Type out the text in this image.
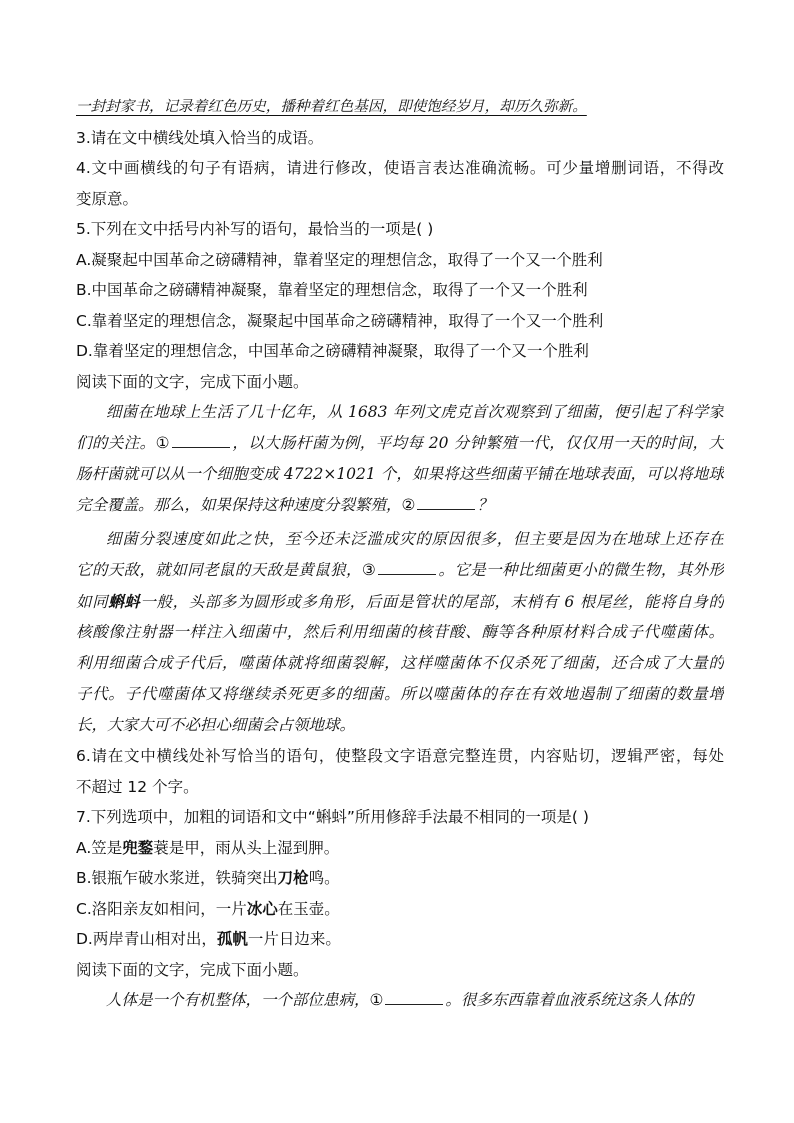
一封封家书，记录着红色历史，播种着红色基因，即使饱经岁月，却历久弥新。
3.请在文中横线处填入恰当的成语。
4.文中画横线的句子有语病，请进行修改，使语言表达准确流畅。可少量增删词语，不得改
变原意。
5.下列在文中括号内补写的语句，最恰当的一项是( )
A.凝聚起中国革命之磅礴精神，靠着坚定的理想信念，取得了一个又一个胜利
B.中国革命之磅礴精神凝聚，靠着坚定的理想信念，取得了一个又一个胜利
C.靠着坚定的理想信念，凝聚起中国革命之磅礴精神，取得了一个又一个胜利
D.靠着坚定的理想信念，中国革命之磅礴精神凝聚，取得了一个又一个胜利
阅读下面的文字，完成下面小题。
细菌在地球上生活了几十亿年，从 1683 年列文虎克首次观察到了细菌，便引起了科学家
们的关注。①	，以大肠杆菌为例，平均每 20 分钟繁殖一代，仅仅用一天的时间，大
肠杆菌就可以从一个细胞变成 4722×1021 个，如果将这些细菌平铺在地球表面，可以将地球
完全覆盖。那么，如果保持这种速度分裂繁殖，②	？
细菌分裂速度如此之快，至今还未泛滥成灾的原因很多，但主要是因为在地球上还存在
它的天敌，就如同老鼠的天敌是黄鼠狼，③	。它是一种比细菌更小的微生物，其外形
如同蝌蚪一般，头部多为圆形或多角形，后面是管状的尾部，末梢有 6 根尾丝，能将自身的
核酸像注射器一样注入细菌中，然后利用细菌的核苷酸、酶等各种原材料合成子代噬菌体。
利用细菌合成子代后，噬菌体就将细菌裂解，这样噬菌体不仅杀死了细菌，还合成了大量的
子代。子代噬菌体又将继续杀死更多的细菌。所以噬菌体的存在有效地遏制了细菌的数量增
长，大家大可不必担心细菌会占领地球。
6.请在文中横线处补写恰当的语句，使整段文字语意完整连贯，内容贴切，逻辑严密，每处
不超过 12 个字。
7.下列选项中，加粗的词语和文中“蝌蚪”所用修辞手法最不相同的一项是( )
A.笠是兜鍪蓑是甲，雨从头上湿到胛。
B.银瓶乍破水浆迸，铁骑突出刀枪鸣。
C.洛阳亲友如相问，一片冰心在玉壶。
D.两岸青山相对出，孤帆一片日边来。
阅读下面的文字，完成下面小题。
人体是一个有机整体，一个部位患病，①	。很多东西靠着血液系统这条人体的
